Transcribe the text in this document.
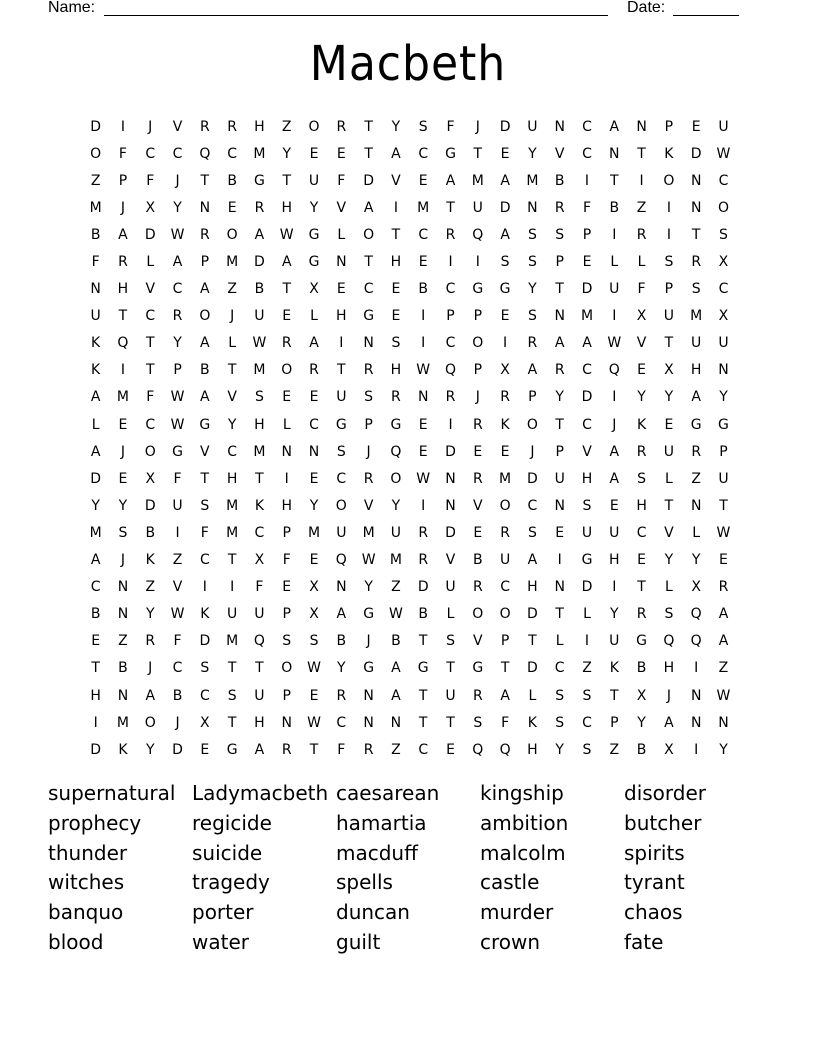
Name:	Date:
Macbeth
D	I	J	V	R	R	H	Z	O	R	T	Y	S	F	J	D	U	N	C	A	N	P	E	U
O	F	C	C	Q	C	M	Y	E	E	T	A	C	G	T	E	Y	V	C	N	T	K	D	W
Z	P	F	J	T	B	G	T	U	F	D	V	E	A	M	A	M	B	I	T	I	O	N	C
M	J	X	Y	N	E	R	H	Y	V	A	I	M	T	U	D	N	R	F	B	Z	I	N	O
B	A	D	W	R	O	A	W	G	L	O	T	C	R	Q	A	S	S	P	I	R	I	T	S
F	R	L	A	P	M	D	A	G	N	T	H	E	I	I	S	S	P	E	L	L	S	R	X
N	H	V	C	A	Z	B	T	X	E	C	E	B	C	G	G	Y	T	D	U	F	P	S	C
U	T	C	R	O	J	U	E	L	H	G	E	I	P	P	E	S	N	M	I	X	U	M	X
K	Q	T	Y	A	L	W	R	A	I	N	S	I	C	O	I	R	A	A	W	V	T	U	U
K	I	T	P	B	T	M	O	R	T	R	H	W	Q	P	X	A	R	C	Q	E	X	H	N
A	M	F	W	A	V	S	E	E	U	S	R	N	R	J	R	P	Y	D	I	Y	Y	A	Y
L	E	C	W	G	Y	H	L	C	G	P	G	E	I	R	K	O	T	C	J	K	E	G	G
A	J	O	G	V	C	M	N	N	S	J	Q	E	D	E	E	J	P	V	A	R	U	R	P
D	E	X	F	T	H	T	I	E	C	R	O	W	N	R	M	D	U	H	A	S	L	Z	U
Y	Y	D	U	S	M	K	H	Y	O	V	Y	I	N	V	O	C	N	S	E	H	T	N	T
M	S	B	I	F	M	C	P	M	U	M	U	R	D	E	R	S	E	U	U	C	V	L	W
A	J	K	Z	C	T	X	F	E	Q	W	M	R	V	B	U	A	I	G	H	E	Y	Y	E
C	N	Z	V	I	I	F	E	X	N	Y	Z	D	U	R	C	H	N	D	I	T	L	X	R
B	N	Y	W	K	U	U	P	X	A	G	W	B	L	O	O	D	T	L	Y	R	S	Q	A
E	Z	R	F	D	M	Q	S	S	B	J	B	T	S	V	P	T	L	I	U	G	Q	Q	A
T	B	J	C	S	T	T	O	W	Y	G	A	G	T	G	T	D	C	Z	K	B	H	I	Z
H	N	A	B	C	S	U	P	E	R	N	A	T	U	R	A	L	S	S	T	X	J	N	W
I	M	O	J	X	T	H	N	W	C	N	N	T	T	S	F	K	S	C	P	Y	A	N	N
D	K	Y	D	E	G	A	R	T	F	R	Z	C	E	Q	Q	H	Y	S	Z	B	X	I	Y
supernatural Ladymacbeth caesarean	kingship	disorder
prophecy	regicide	hamartia	ambition	butcher
thunder	suicide	macduff	malcolm	spirits
witches	tragedy	spells	castle	tyrant
banquo	porter	duncan	murder	chaos
blood	water	guilt	crown	fate
